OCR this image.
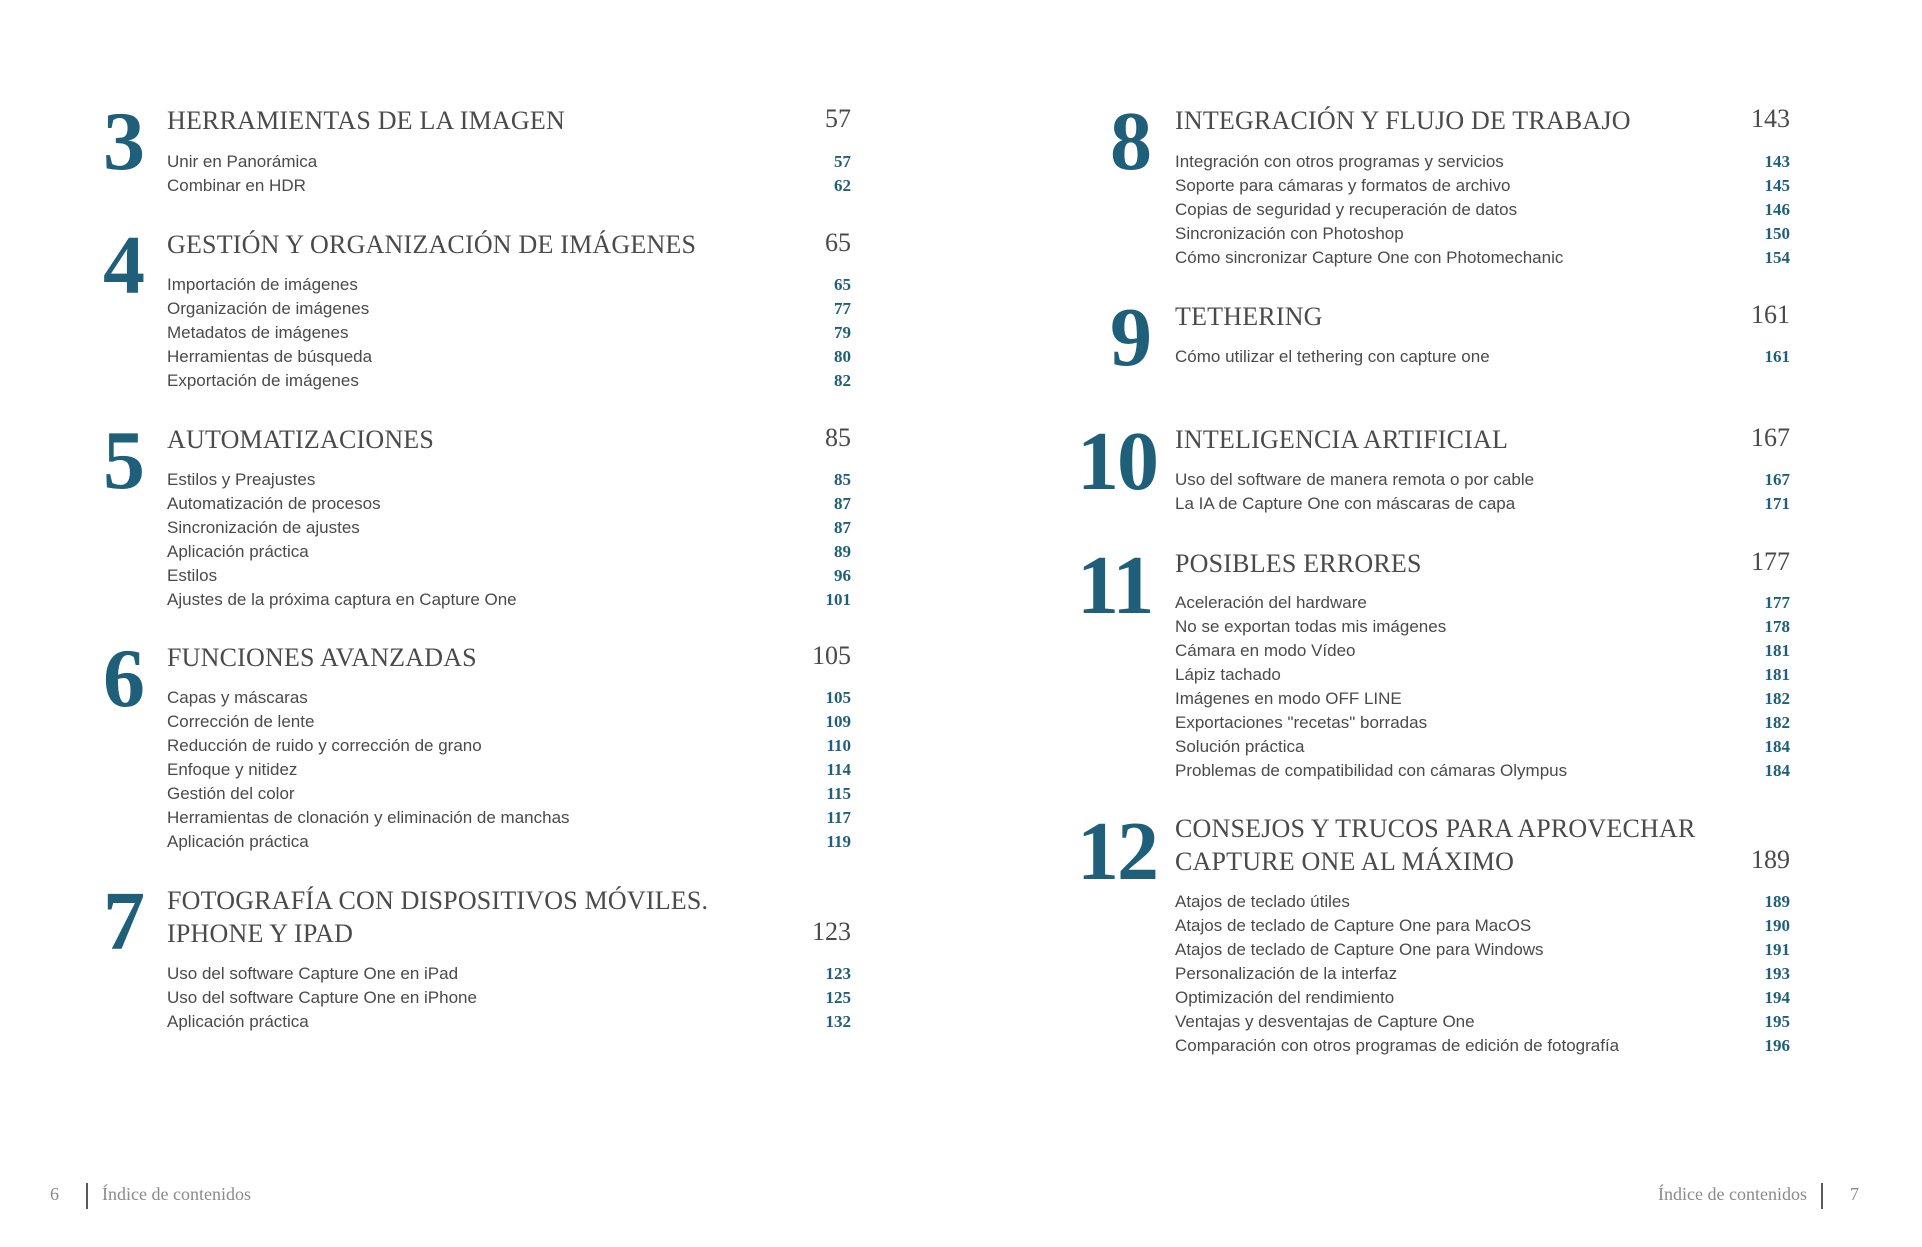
3 HERRAMIENTAS DE LA IMAGEN	57
Unir en Panorámica	57
Combinar en HDR	62
4 GESTIÓN Y ORGANIZACIÓN DE IMÁGENES	65
Importación de imágenes	65
Organización de imágenes	77
Metadatos de imágenes	79
Herramientas de búsqueda	80
Exportación de imágenes	82
5 AUTOMATIZACIONES	85
Estilos y Preajustes	85
Automatización de procesos	87
Sincronización de ajustes	87
Aplicación práctica	89
Estilos	96
Ajustes de la próxima captura en Capture One	101
6 FUNCIONES AVANZADAS	105
Capas y máscaras	105
Corrección de lente	109
Reducción de ruido y corrección de grano	110
Enfoque y nitidez	114
Gestión del color	115
Herramientas de clonación y eliminación de manchas	117
Aplicación práctica	119
7 FOTOGRAFÍA CON DISPOSITIVOS MÓVILES.
IPHONE Y IPAD	123
Uso del software Capture One en iPad	123
Uso del software Capture One en iPhone	125
Aplicación práctica	132
8 INTEGRACIÓN Y FLUJO DE TRABAJO	143
Integración con otros programas y servicios	143
Soporte para cámaras y formatos de archivo	145
Copias de seguridad y recuperación de datos	146
Sincronización con Photoshop	150
Cómo sincronizar Capture One con Photomechanic	154
9 TETHERING	161
Cómo utilizar el tethering con capture one	161
10 INTELIGENCIA ARTIFICIAL	167
Uso del software de manera remota o por cable	167
La IA de Capture One con máscaras de capa	171
11 POSIBLES ERRORES	177
Aceleración del hardware	177
No se exportan todas mis imágenes	178
Cámara en modo Vídeo	181
Lápiz tachado	181
Imágenes en modo OFF LINE	182
Exportaciones "recetas" borradas	182
Solución práctica	184
Problemas de compatibilidad con cámaras Olympus	184
12 CONSEJOS Y TRUCOS PARA APROVECHAR
CAPTURE ONE AL MÁXIMO	189
Atajos de teclado útiles	189
Atajos de teclado de Capture One para MacOS	190
Atajos de teclado de Capture One para Windows	191
Personalización de la interfaz	193
Optimización del rendimiento	194
Ventajas y desventajas de Capture One	195
Comparación con otros programas de edición de fotografía	196
6 Índice de contenidos	Índice de contenidos 7
